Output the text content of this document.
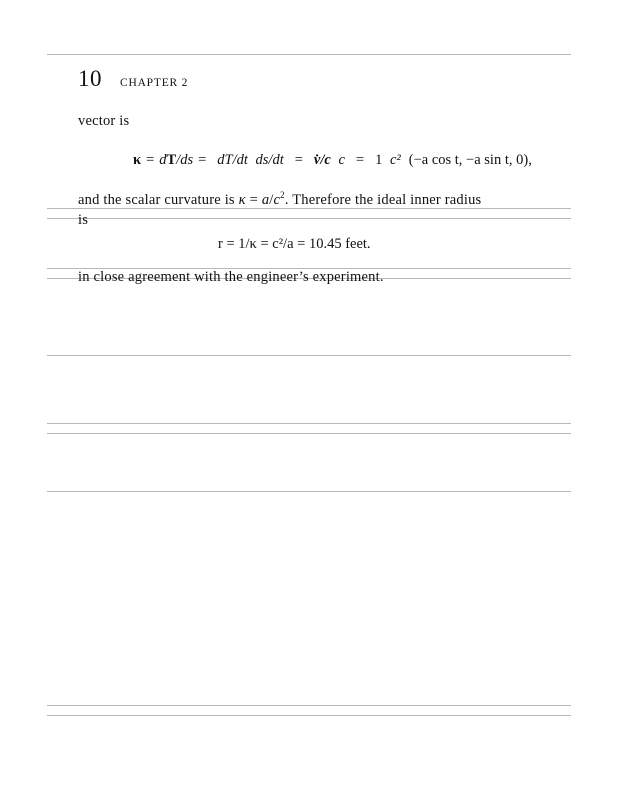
10 CHAPTER 2
vector is
κ = dT/ds = dT/dt ds/dt = v̇/c c = 1 c² (−a cos t, −a sin t, 0),
and the scalar curvature is $\kappa = a/c^2$. Therefore the ideal inner radius
is
r = 1/κ = c²/a = 10.45 feet.
in close agreement with the engineer’s experiment.
